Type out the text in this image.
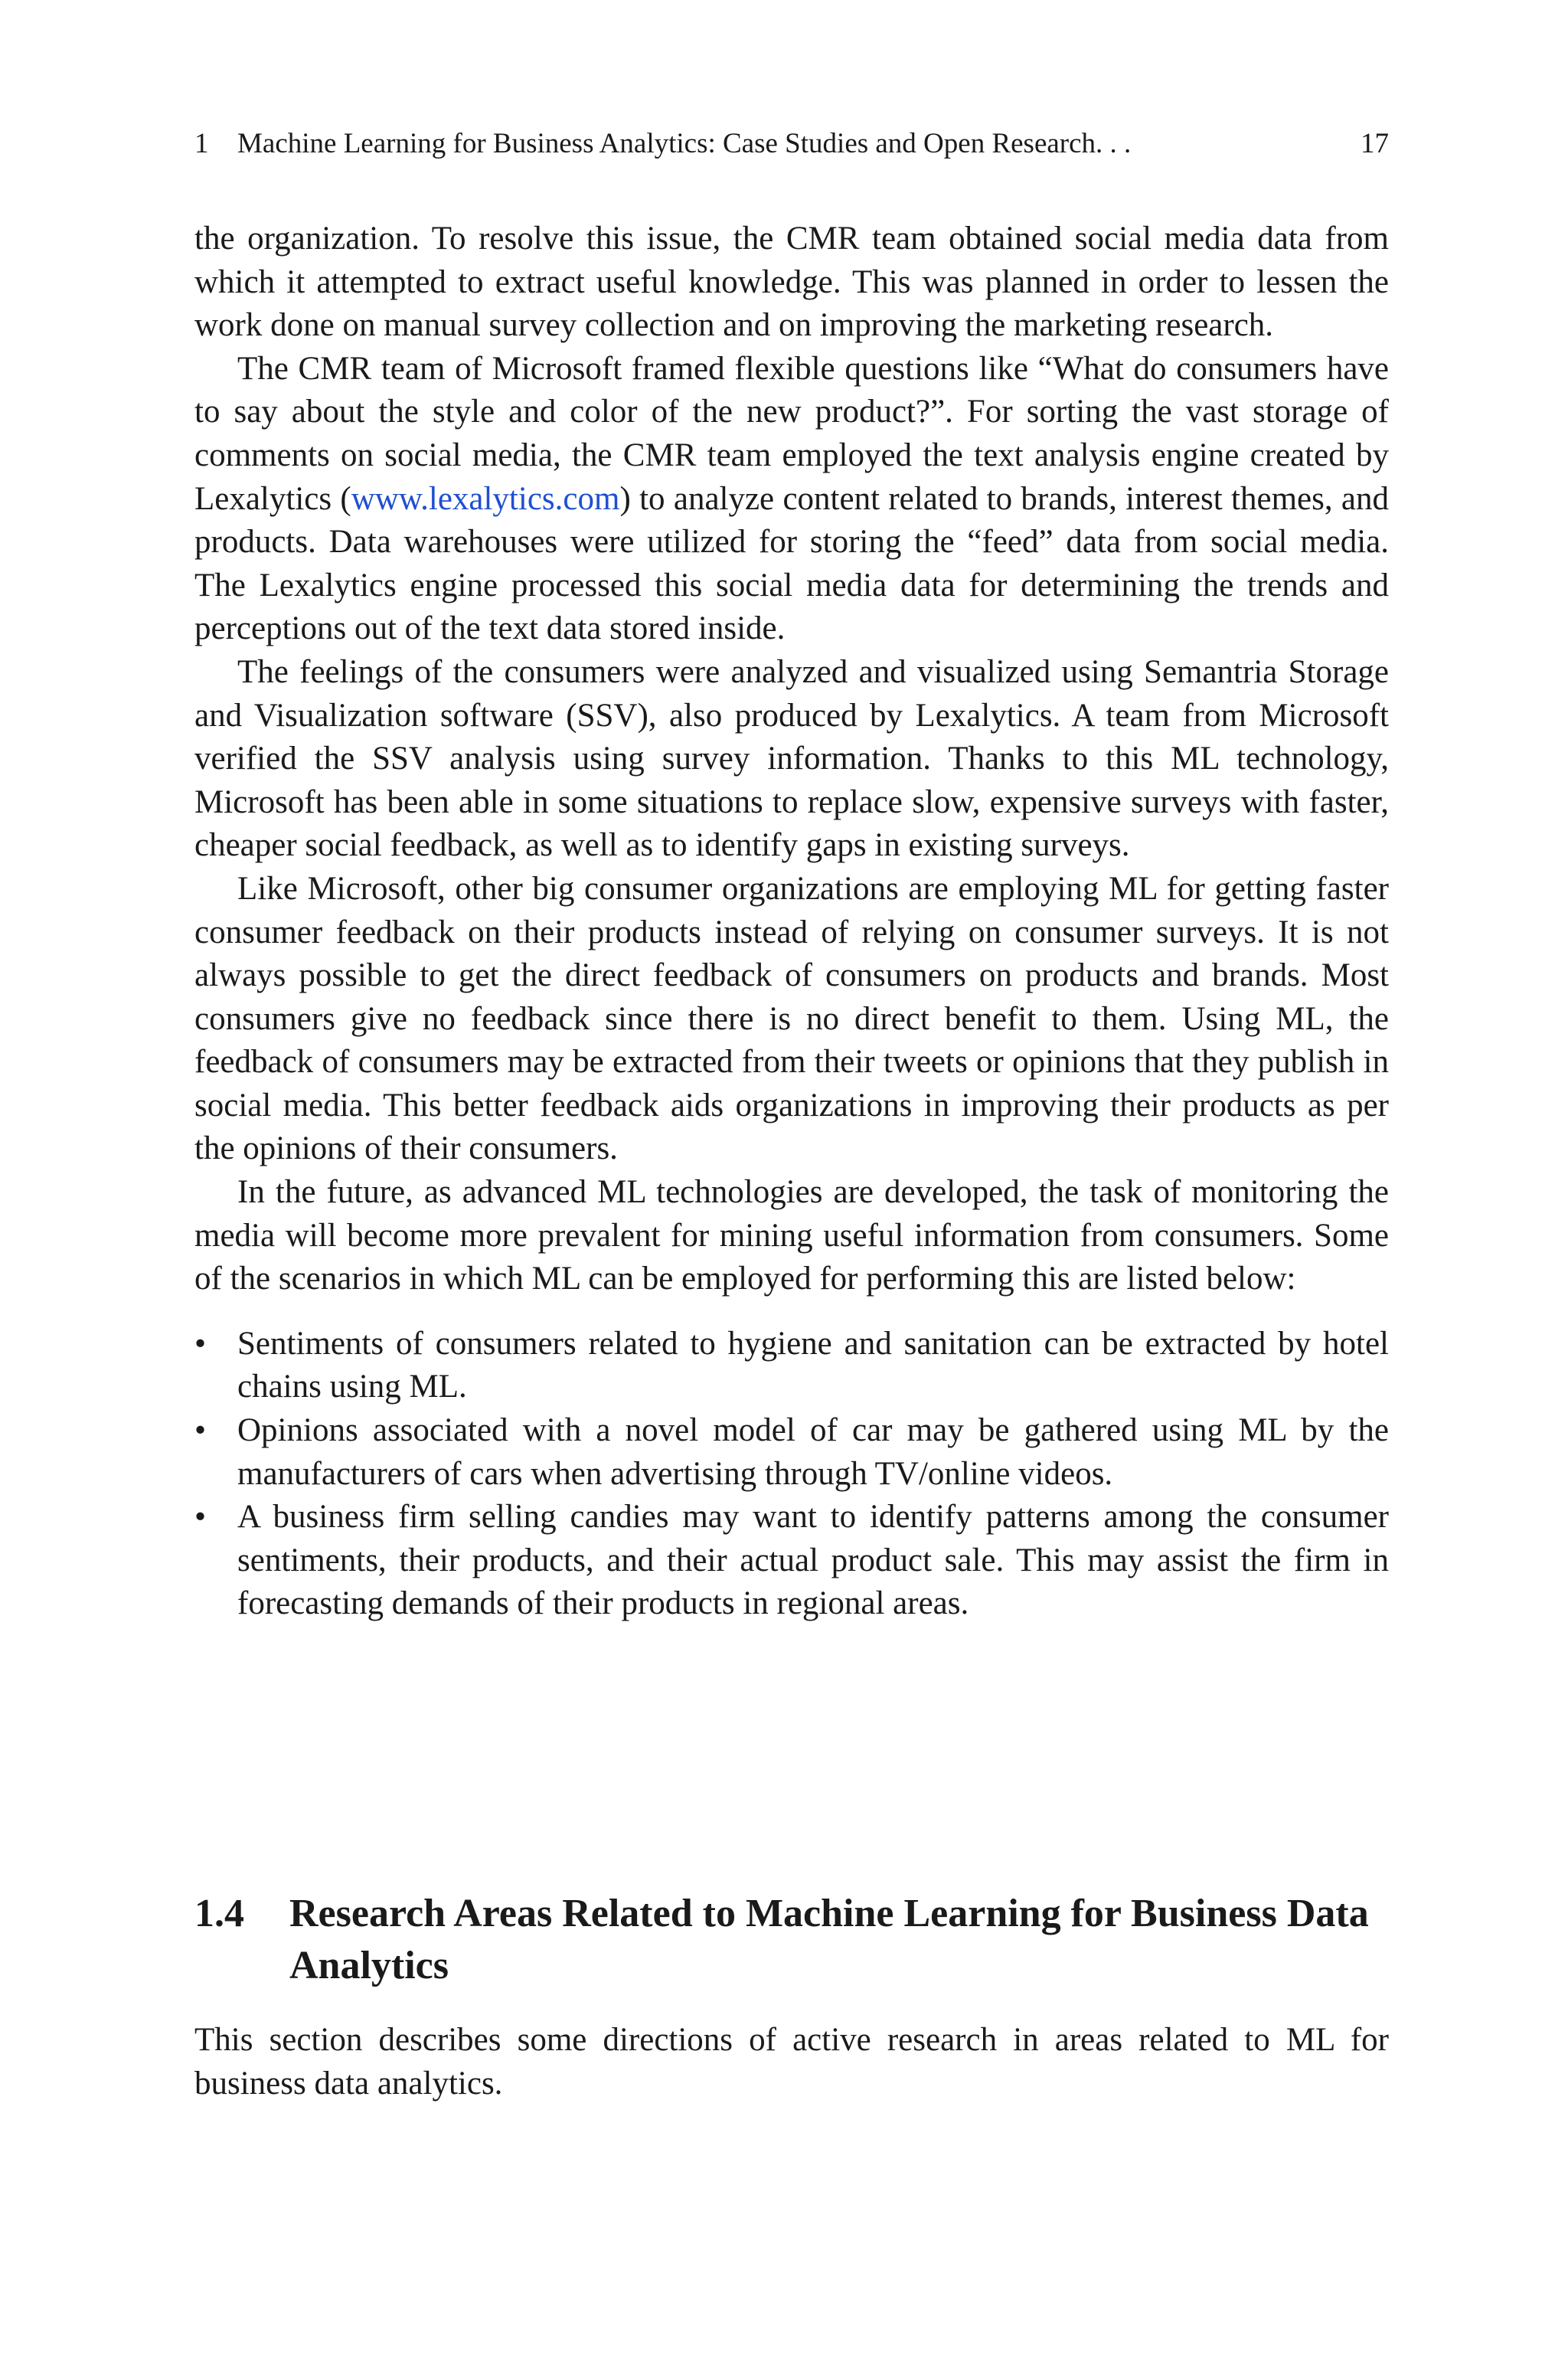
1 Machine Learning for Business Analytics: Case Studies and Open Research. . .	17

the organization. To resolve this issue, the CMR team obtained social media data from which it attempted to extract useful knowledge. This was planned in order to lessen the work done on manual survey collection and on improving the marketing research.

The CMR team of Microsoft framed flexible questions like “What do consumers have to say about the style and color of the new product?”. For sorting the vast storage of comments on social media, the CMR team employed the text analysis engine created by Lexalytics (www.lexalytics.com) to analyze content related to brands, interest themes, and products. Data warehouses were utilized for storing the “feed” data from social media. The Lexalytics engine processed this social media data for determining the trends and perceptions out of the text data stored inside.

The feelings of the consumers were analyzed and visualized using Semantria Storage and Visualization software (SSV), also produced by Lexalytics. A team from Microsoft verified the SSV analysis using survey information. Thanks to this ML technology, Microsoft has been able in some situations to replace slow, expensive surveys with faster, cheaper social feedback, as well as to identify gaps in existing surveys.

Like Microsoft, other big consumer organizations are employing ML for getting faster consumer feedback on their products instead of relying on consumer surveys. It is not always possible to get the direct feedback of consumers on products and brands. Most consumers give no feedback since there is no direct benefit to them. Using ML, the feedback of consumers may be extracted from their tweets or opinions that they publish in social media. This better feedback aids organizations in improving their products as per the opinions of their consumers.

In the future, as advanced ML technologies are developed, the task of monitoring the media will become more prevalent for mining useful information from consumers. Some of the scenarios in which ML can be employed for performing this are listed below:

• Sentiments of consumers related to hygiene and sanitation can be extracted by hotel chains using ML.
• Opinions associated with a novel model of car may be gathered using ML by the manufacturers of cars when advertising through TV/online videos.
• A business firm selling candies may want to identify patterns among the consumer sentiments, their products, and their actual product sale. This may assist the firm in forecasting demands of their products in regional areas.
1.4	Research Areas Related to Machine Learning for Business Data Analytics

This section describes some directions of active research in areas related to ML for business data analytics.
